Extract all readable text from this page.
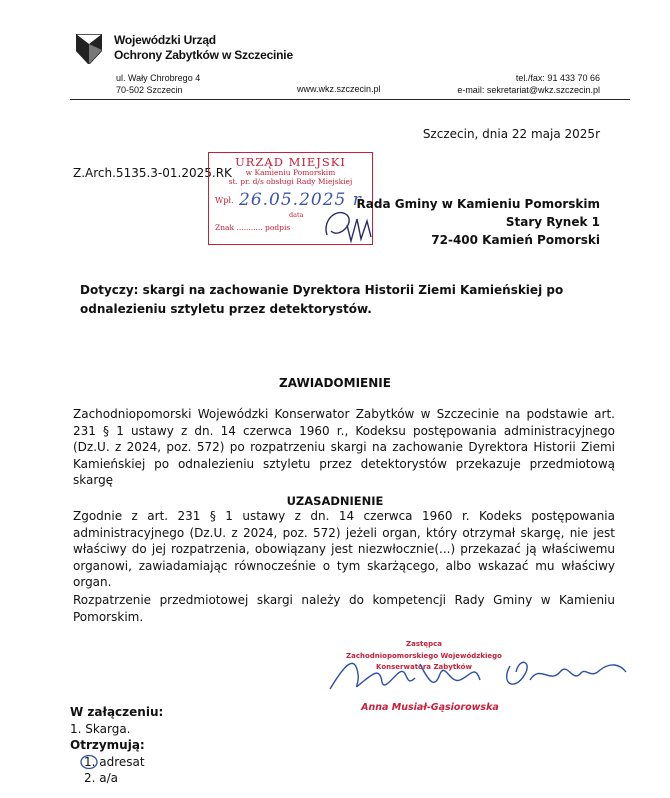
Wojewódzki Urząd
Ochrony Zabytków w Szczecinie
ul. Wały Chrobrego 4
70-502 Szczecin	www.wkz.szczecin.pl
tel./fax: 91 433 70 66
e-mail: sekretariat@wkz.szczecin.pl
Szczecin, dnia 22 maja 2025r
Z.Arch.5135.3-01.2025.RK
URZĄD MIEJSKI
w Kamieniu Pomorskim
st. pr. d/s obsługi Rady Miejskiej
Wpł. 26.05.2025 r.
data
Znak ........... podpis
Rada Gminy w Kamieniu Pomorskim
Stary Rynek 1
72-400 Kamień Pomorski
Dotyczy: skargi na zachowanie Dyrektora Historii Ziemi Kamieńskiej po odnalezieniu sztyletu przez detektorystów.
ZAWIADOMIENIE
Zachodniopomorski Wojewódzki Konserwator Zabytków w Szczecinie na podstawie art. 231 § 1 ustawy z dn. 14 czerwca 1960 r., Kodeksu postępowania administracyjnego (Dz.U. z 2024, poz. 572) po rozpatrzeniu skargi na zachowanie Dyrektora Historii Ziemi Kamieńskiej po odnalezieniu sztyletu przez detektorystów przekazuje przedmiotową skargę
UZASADNIENIE
Zgodnie z art. 231 § 1 ustawy z dn. 14 czerwca 1960 r. Kodeks postępowania administracyjnego (Dz.U. z 2024, poz. 572) jeżeli organ, który otrzymał skargę, nie jest właściwy do jej rozpatrzenia, obowiązany jest niezwłocznie(...) przekazać ją właściwemu organowi, zawiadamiając równocześnie o tym skarżącego, albo wskazać mu właściwy organ.
Rozpatrzenie przedmiotowej skargi należy do kompetencji Rady Gminy w Kamieniu Pomorskim.
Zastępca
Zachodniopomorskiego Wojewódzkiego
Konserwatora Zabytków
Anna Musiał-Gąsiorowska
W załączeniu:
1. Skarga.
Otrzymują:
1. adresat
2. a/a
